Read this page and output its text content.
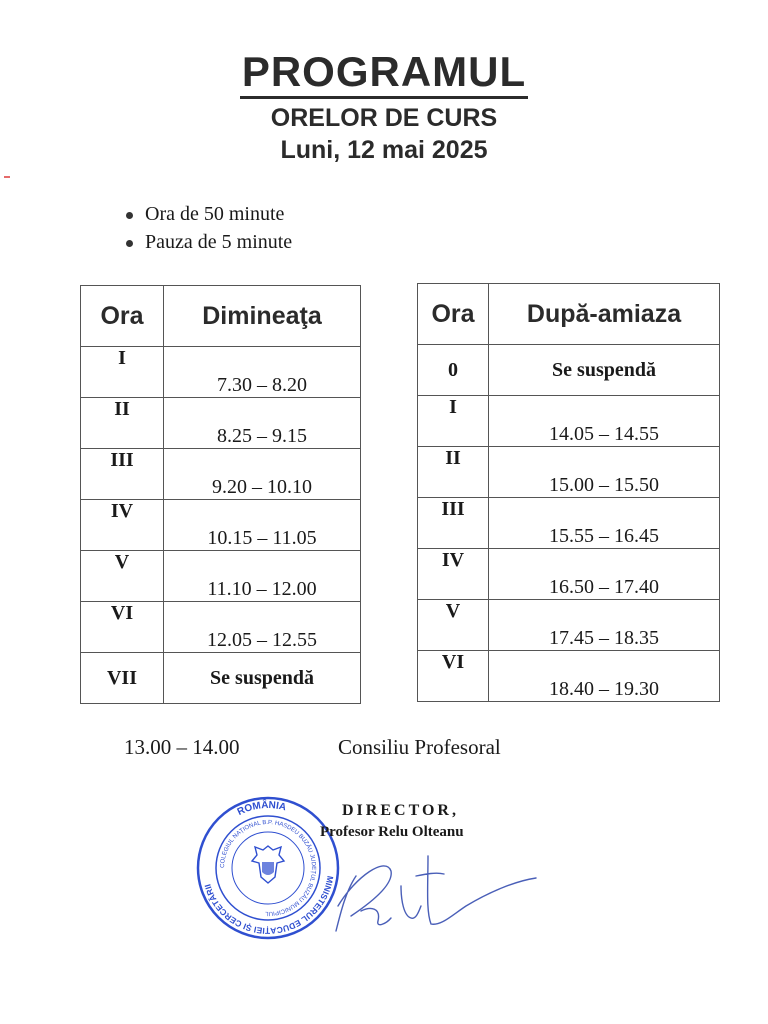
PROGRAMUL
ORELOR DE CURS
Luni, 12 mai 2025
Ora de 50 minute
Pauza de 5 minute
Ora	Dimineaţa
I	7.30 – 8.20
II	8.25 – 9.15
III	9.20 – 10.10
IV	10.15 – 11.05
V	11.10 – 12.00
VI	12.05 – 12.55
VII	Se suspendă
Ora	După-amiaza
0	Se suspendă
I	14.05 – 14.55
II	15.00 – 15.50
III	15.55 – 16.45
IV	16.50 – 17.40
V	17.45 – 18.35
VI	18.40 – 19.30
13.00 – 14.00	Consiliu Profesoral
ROMÂNIA
MINISTERUL EDUCAȚIEI ȘI CERCETĂRII
COLEGIUL NAȚIONAL B.P. HASDEU BUZĂU JUDEȚUL BUZĂU MUNICIPIUL
DIRECTOR,
Profesor Relu Olteanu
